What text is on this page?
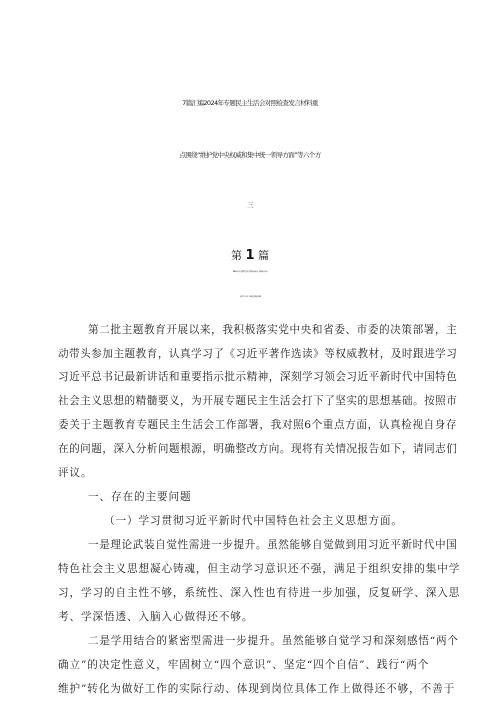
7篇汇编2024年专题民主生活会对照检查发言材料重
点围绕“维护党中央权威和集中统一领导方面”等六个方
三
第 1 篇
2024年第二批主题教育专题生活会围绕求真务实、狠抓落实方面等
（新的六个方面）对照检查剖析发言提纲
第二批主题教育开展以来，我积极落实党中央和省委、市委的决策部署，主
动带头参加主题教育，认真学习了《习近平著作选读》等权威教材，及时跟进学习
习近平总书记最新讲话和重要指示批示精神，深刻学习领会习近平新时代中国特色
社会主义思想的精髓要义，为开展专题民主生活会打下了坚实的思想基础。按照市
委关于主题教育专题民主生活会工作部署，我对照6个重点方面，认真检视自身存
在的问题，深入分析问题根源，明确整改方向。现将有关情况报告如下，请同志们
评议。
一、存在的主要问题
（一）学习贯彻习近平新时代中国特色社会主义思想方面。
一是理论武装自觉性需进一步提升。虽然能够自觉做到用习近平新时代中国
特色社会主义思想凝心铸魂，但主动学习意识还不强，满足于组织安排的集中学
习，学习的自主性不够，系统性、深入性也有待进一步加强，反复研学、深入思
考、学深悟透、入脑入心做得还不够。
二是学用结合的紧密型需进一步提升。虽然能够自觉学习和深刻感悟“两个
确立”的决定性意义，牢固树立“四个意识”、坚定“四个自信”、践行“两个
维护”转化为做好工作的实际行动、体现到岗位具体工作上做得还不够，不善于
